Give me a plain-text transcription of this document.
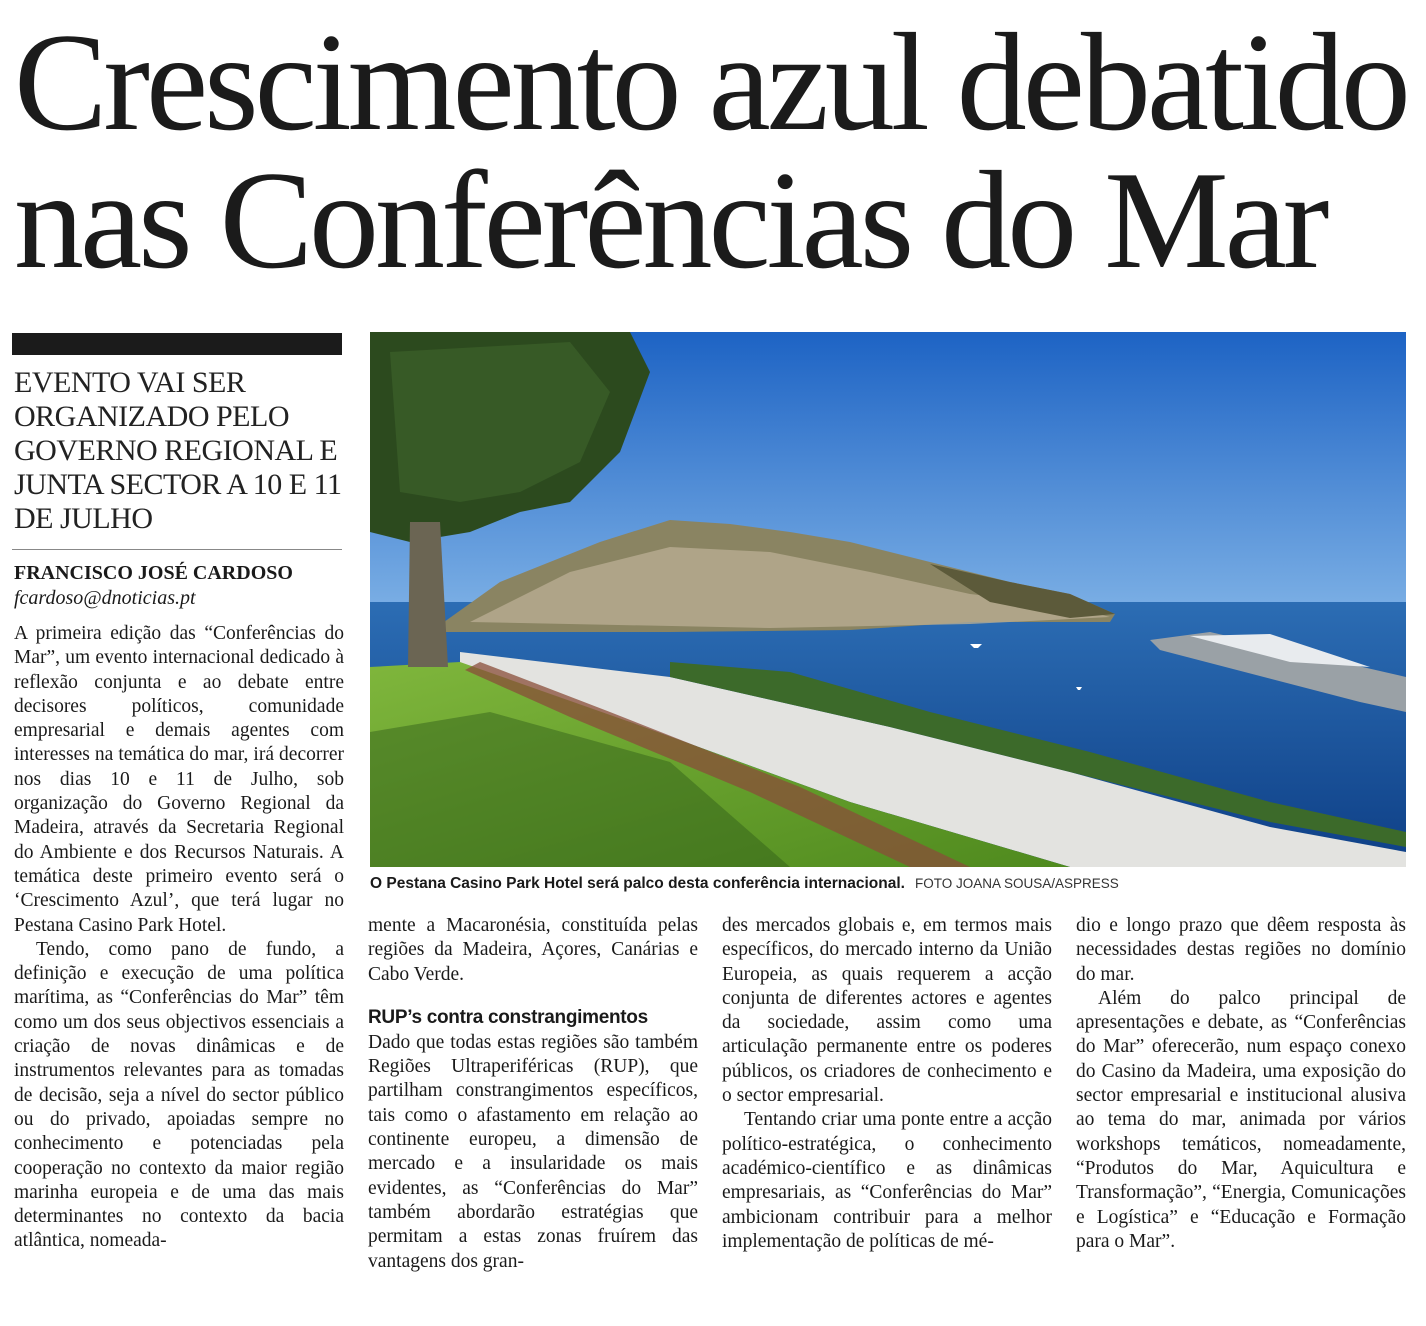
Crescimento azul debatido
nas Conferências do Mar
EVENTO VAI SER ORGANIZADO PELO GOVERNO REGIONAL E JUNTA SECTOR A 10 E 11 DE JULHO
FRANCISCO JOSÉ CARDOSO
fcardoso@dnoticias.pt
O Pestana Casino Park Hotel será palco desta conferência internacional. FOTO JOANA SOUSA/ASPRESS

A primeira edição das “Conferências do Mar”, um evento internacional dedicado à reflexão conjunta e ao debate entre decisores políticos, comunidade empresarial e demais agentes com interesses na temática do mar, irá decorrer nos dias 10 e 11 de Julho, sob organização do Governo Regional da Madeira, através da Secretaria Regional do Ambiente e dos Recursos Naturais. A temática deste primeiro evento será o ‘Crescimento Azul’, que terá lugar no Pestana Casino Park Hotel.

Tendo, como pano de fundo, a definição e execução de uma política marítima, as “Conferências do Mar” têm como um dos seus objectivos essenciais a criação de novas dinâmicas e de instrumentos relevantes para as tomadas de decisão, seja a nível do sector público ou do privado, apoiadas sempre no conhecimento e potenciadas pela cooperação no contexto da maior região marinha europeia e de uma das mais determinantes no contexto da bacia atlântica, nomeada-

mente a Macaronésia, constituída pelas regiões da Madeira, Açores, Canárias e Cabo Verde.

RUP’s contra constrangimentos

Dado que todas estas regiões são também Regiões Ultraperiféricas (RUP), que partilham constrangimentos específicos, tais como o afastamento em relação ao continente europeu, a dimensão de mercado e a insularidade os mais evidentes, as “Conferências do Mar” também abordarão estratégias que permitam a estas zonas fruírem das vantagens dos gran-

des mercados globais e, em termos mais específicos, do mercado interno da União Europeia, as quais requerem a acção conjunta de diferentes actores e agentes da sociedade, assim como uma articulação permanente entre os poderes públicos, os criadores de conhecimento e o sector empresarial.

Tentando criar uma ponte entre a acção político-estratégica, o conhecimento académico-científico e as dinâmicas empresariais, as “Conferências do Mar” ambicionam contribuir para a melhor implementação de políticas de mé-

dio e longo prazo que dêem resposta às necessidades destas regiões no domínio do mar.

Além do palco principal de apresentações e debate, as “Conferências do Mar” oferecerão, num espaço conexo do Casino da Madeira, uma exposição do sector empresarial e institucional alusiva ao tema do mar, animada por vários workshops temáticos, nomeadamente, “Produtos do Mar, Aquicultura e Transformação”, “Energia, Comunicações e Logística” e “Educação e Formação para o Mar”.
